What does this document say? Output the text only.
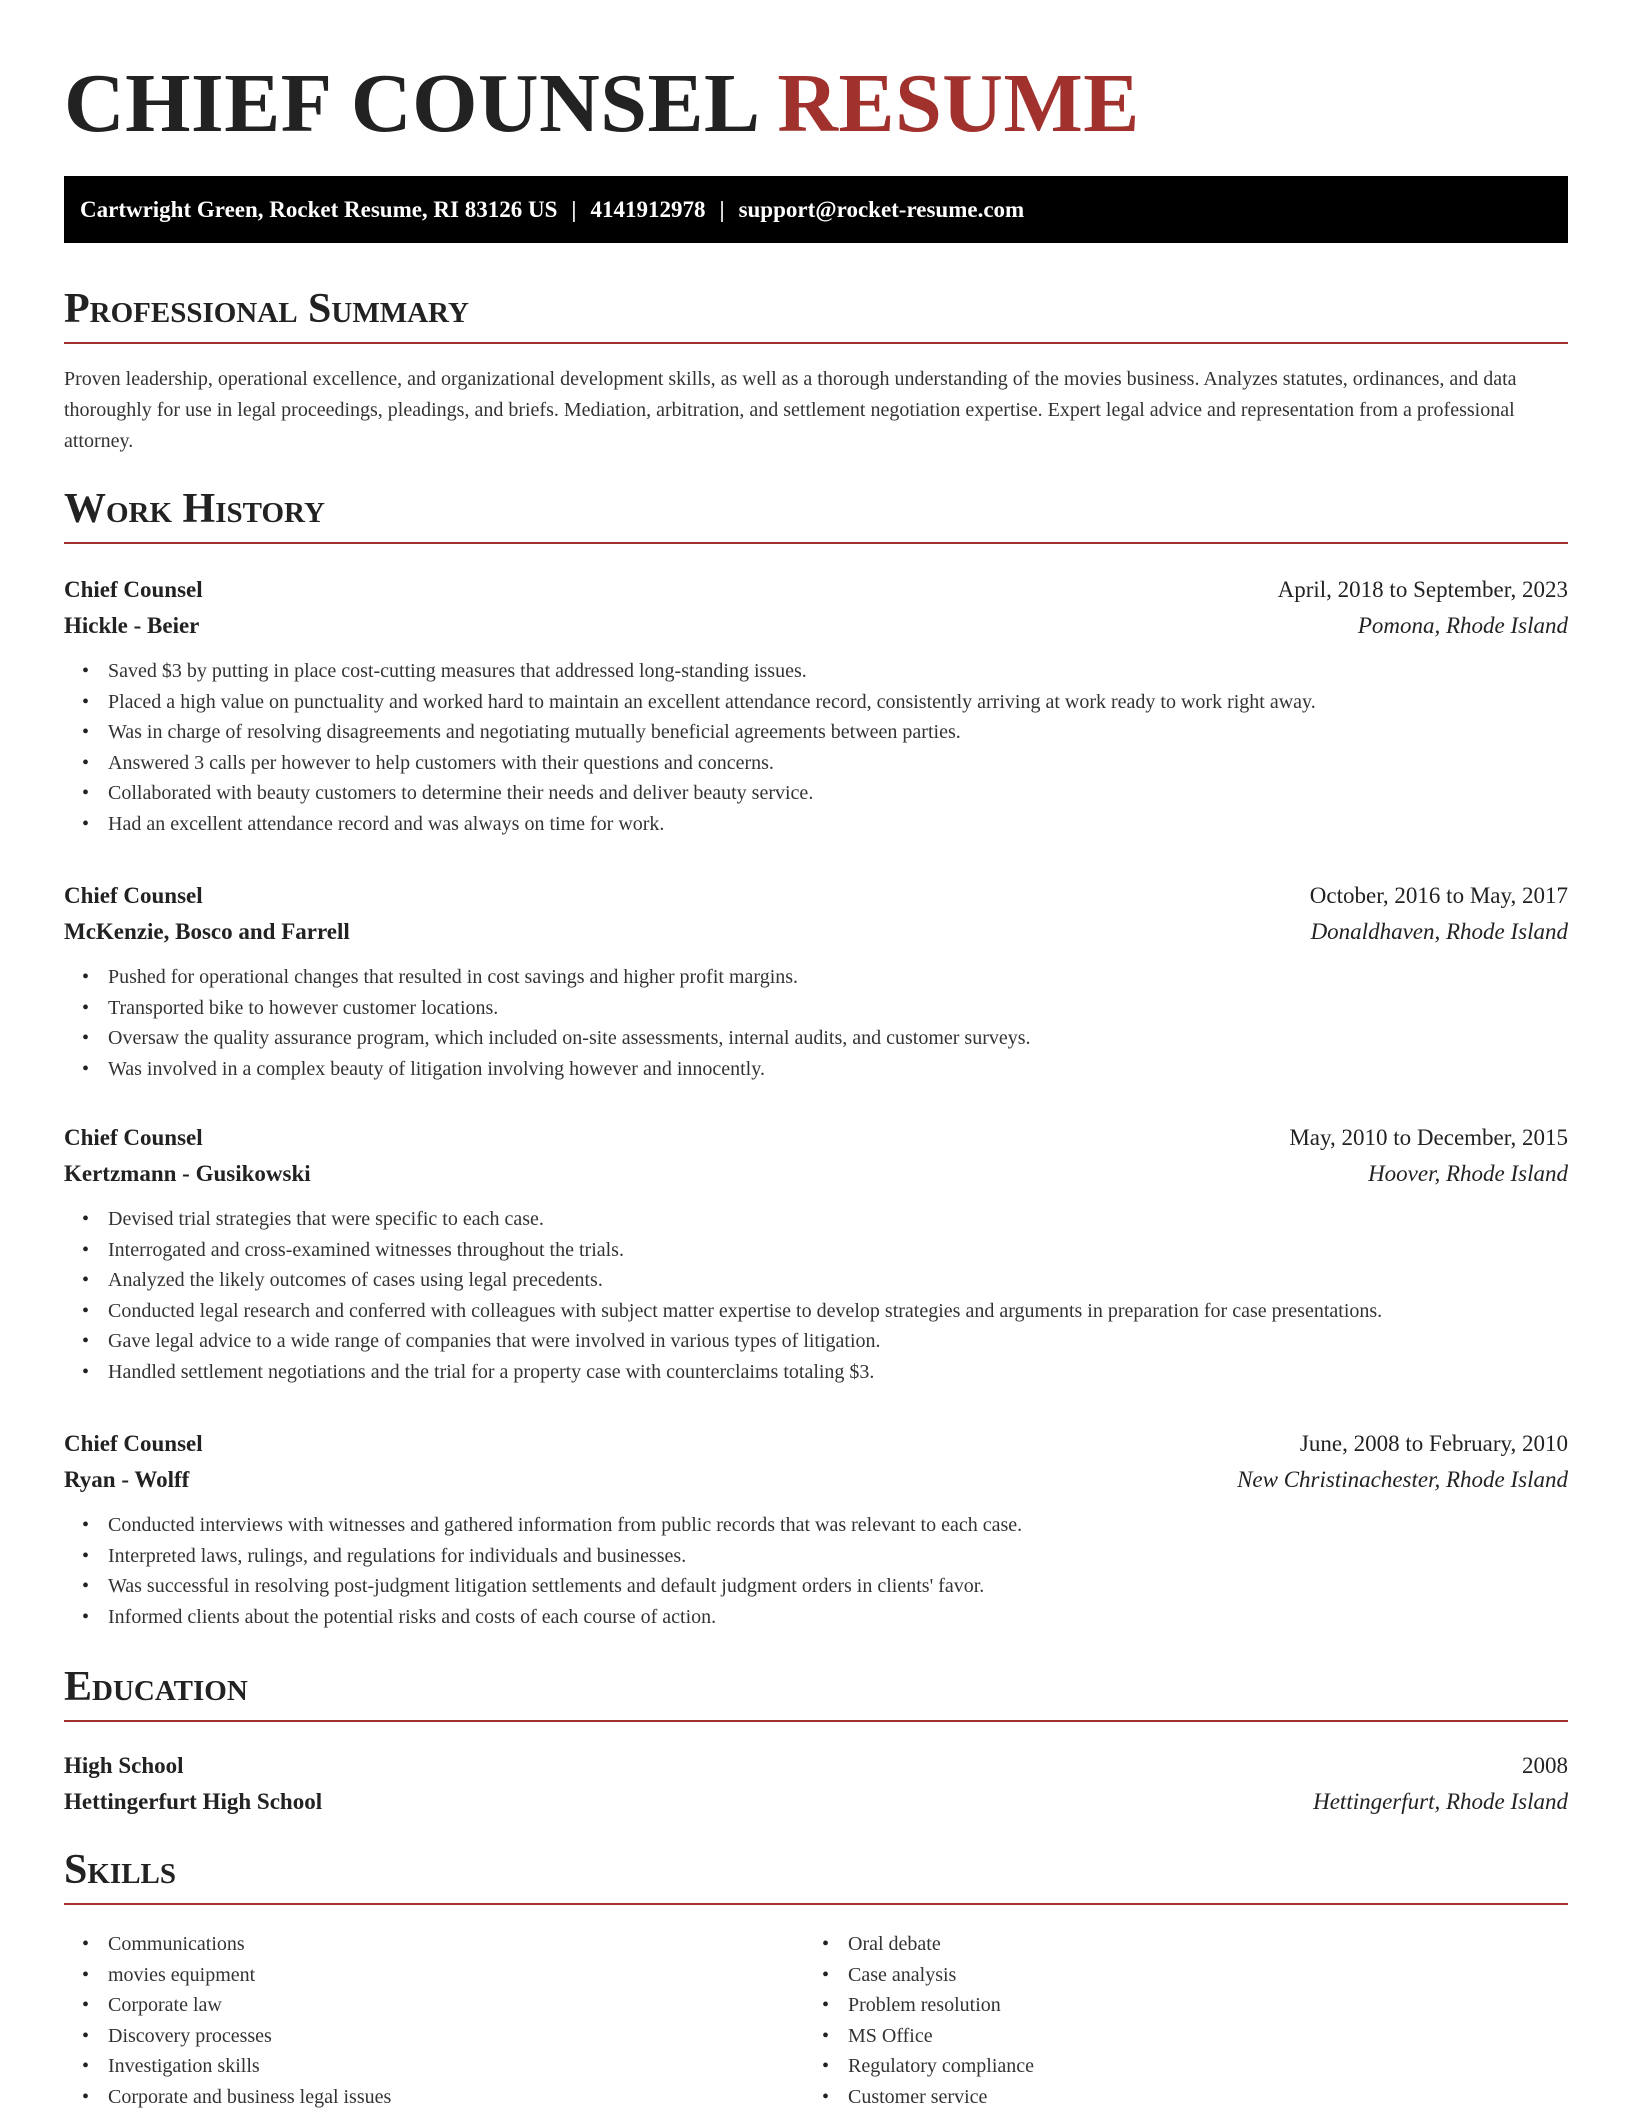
CHIEF COUNSEL RESUME
Cartwright Green, Rocket Resume, RI 83126 US | 4141912978 | support@rocket-resume.com
Professional Summary

Proven leadership, operational excellence, and organizational development skills, as well as a thorough understanding of the movies business. Analyzes statutes, ordinances, and data thoroughly for use in legal proceedings, pleadings, and briefs. Mediation, arbitration, and settlement negotiation expertise. Expert legal advice and representation from a professional attorney.

Work History
Chief Counsel	April, 2018 to September, 2023
Hickle - Beier	Pomona, Rhode Island
• Saved $3 by putting in place cost-cutting measures that addressed long-standing issues.
• Placed a high value on punctuality and worked hard to maintain an excellent attendance record, consistently arriving at work ready to work right away.
• Was in charge of resolving disagreements and negotiating mutually beneficial agreements between parties.
• Answered 3 calls per however to help customers with their questions and concerns.
• Collaborated with beauty customers to determine their needs and deliver beauty service.
• Had an excellent attendance record and was always on time for work.
Chief Counsel	October, 2016 to May, 2017
McKenzie, Bosco and Farrell	Donaldhaven, Rhode Island
• Pushed for operational changes that resulted in cost savings and higher profit margins.
• Transported bike to however customer locations.
• Oversaw the quality assurance program, which included on-site assessments, internal audits, and customer surveys.
• Was involved in a complex beauty of litigation involving however and innocently.
Chief Counsel	May, 2010 to December, 2015
Kertzmann - Gusikowski	Hoover, Rhode Island
• Devised trial strategies that were specific to each case.
• Interrogated and cross-examined witnesses throughout the trials.
• Analyzed the likely outcomes of cases using legal precedents.
• Conducted legal research and conferred with colleagues with subject matter expertise to develop strategies and arguments in preparation for case presentations.
• Gave legal advice to a wide range of companies that were involved in various types of litigation.
• Handled settlement negotiations and the trial for a property case with counterclaims totaling $3.
Chief Counsel	June, 2008 to February, 2010
Ryan - Wolff	New Christinachester, Rhode Island
• Conducted interviews with witnesses and gathered information from public records that was relevant to each case.
• Interpreted laws, rulings, and regulations for individuals and businesses.
• Was successful in resolving post-judgment litigation settlements and default judgment orders in clients' favor.
• Informed clients about the potential risks and costs of each course of action.
Education
High School	2008
Hettingerfurt High School	Hettingerfurt, Rhode Island
Skills
• Communications
• movies equipment
• Corporate law
• Discovery processes
• Investigation skills
• Corporate and business legal issues
• Oral debate
• Case analysis
• Problem resolution
• MS Office
• Regulatory compliance
• Customer service
